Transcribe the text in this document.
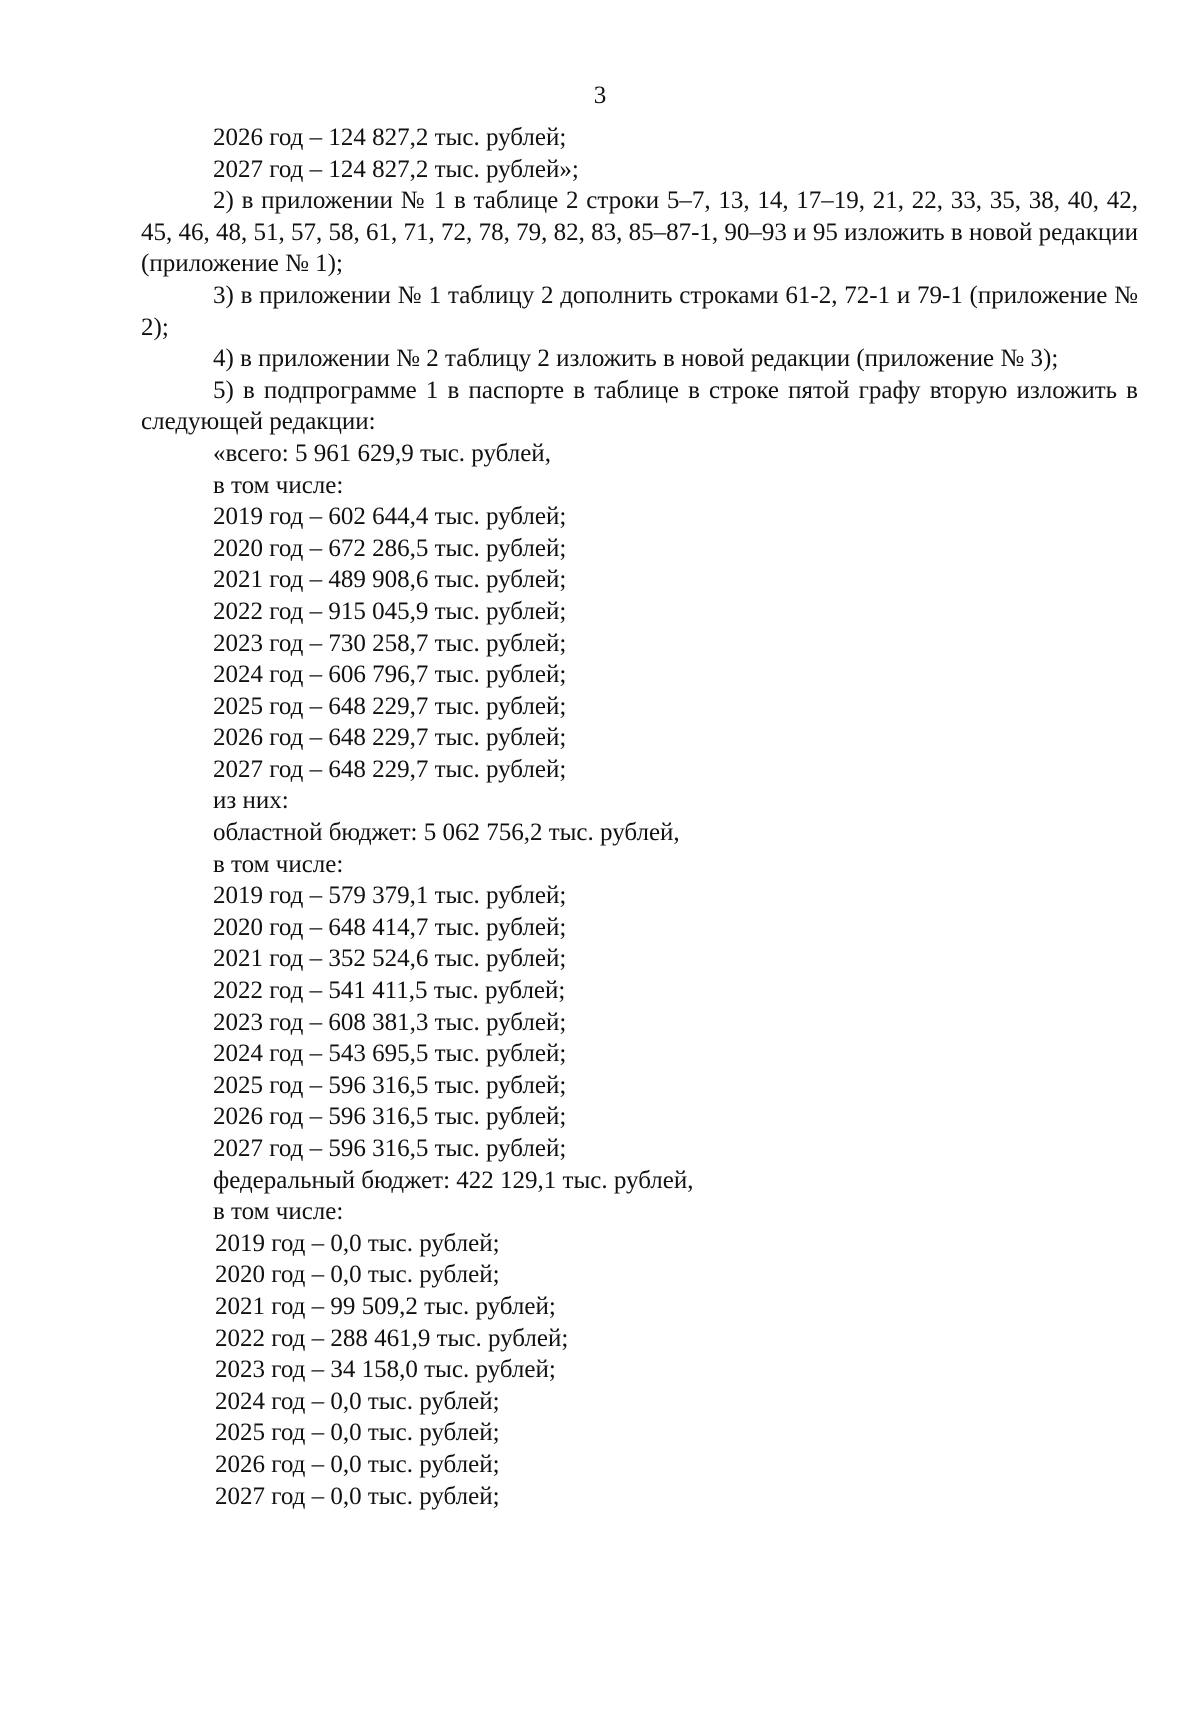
3

2026 год – 124 827,2 тыс. рублей;

2027 год – 124 827,2 тыс. рублей»;

2) в приложении № 1 в таблице 2 строки 5–7, 13, 14, 17–19, 21, 22, 33, 35, 38, 40, 42, 45, 46, 48, 51, 57, 58, 61, 71, 72, 78, 79, 82, 83, 85–87-1, 90–93 и 95 изложить в новой редакции (приложение № 1);

3) в приложении № 1 таблицу 2 дополнить строками 61-2, 72-1 и 79-1 (приложение № 2);

4) в приложении № 2 таблицу 2 изложить в новой редакции (приложение № 3);

5) в подпрограмме 1 в паспорте в таблице в строке пятой графу вторую изложить в следующей редакции:

«всего: 5 961 629,9 тыс. рублей,

в том числе:

2019 год – 602 644,4 тыс. рублей;

2020 год – 672 286,5 тыс. рублей;

2021 год – 489 908,6 тыс. рублей;

2022 год – 915 045,9 тыс. рублей;

2023 год – 730 258,7 тыс. рублей;

2024 год – 606 796,7 тыс. рублей;

2025 год – 648 229,7 тыс. рублей;

2026 год – 648 229,7 тыс. рублей;

2027 год – 648 229,7 тыс. рублей;

из них:

областной бюджет: 5 062 756,2 тыс. рублей,

в том числе:

2019 год – 579 379,1 тыс. рублей;

2020 год – 648 414,7 тыс. рублей;

2021 год – 352 524,6 тыс. рублей;

2022 год – 541 411,5 тыс. рублей;

2023 год – 608 381,3 тыс. рублей;

2024 год – 543 695,5 тыс. рублей;

2025 год – 596 316,5 тыс. рублей;

2026 год – 596 316,5 тыс. рублей;

2027 год – 596 316,5 тыс. рублей;

федеральный бюджет: 422 129,1 тыс. рублей,

в том числе:

2019 год – 0,0 тыс. рублей;

2020 год – 0,0 тыс. рублей;

2021 год – 99 509,2 тыс. рублей;

2022 год – 288 461,9 тыс. рублей;

2023 год – 34 158,0 тыс. рублей;

2024 год – 0,0 тыс. рублей;

2025 год – 0,0 тыс. рублей;

2026 год – 0,0 тыс. рублей;

2027 год – 0,0 тыс. рублей;
